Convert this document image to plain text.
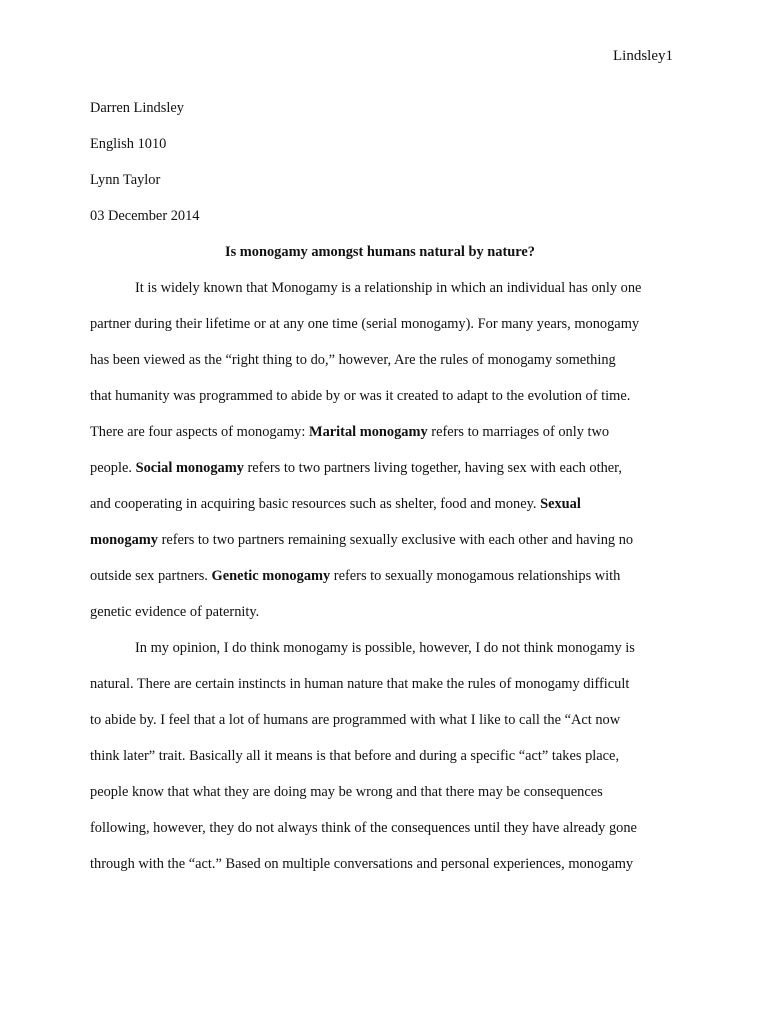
Lindsley1

Darren Lindsley

English 1010

Lynn Taylor

03 December 2014

Is monogamy amongst humans natural by nature?

It is widely known that Monogamy is a relationship in which an individual has only one
partner during their lifetime or at any one time (serial monogamy). For many years, monogamy
has been viewed as the “right thing to do,” however, Are the rules of monogamy something
that humanity was programmed to abide by or was it created to adapt to the evolution of time.
There are four aspects of monogamy: Marital monogamy refers to marriages of only two
people. Social monogamy refers to two partners living together, having sex with each other,
and cooperating in acquiring basic resources such as shelter, food and money. Sexual
monogamy refers to two partners remaining sexually exclusive with each other and having no
outside sex partners. Genetic monogamy refers to sexually monogamous relationships with
genetic evidence of paternity.
In my opinion, I do think monogamy is possible, however, I do not think monogamy is
natural. There are certain instincts in human nature that make the rules of monogamy difficult
to abide by. I feel that a lot of humans are programmed with what I like to call the “Act now
think later” trait. Basically all it means is that before and during a specific “act” takes place,
people know that what they are doing may be wrong and that there may be consequences
following, however, they do not always think of the consequences until they have already gone
through with the “act.” Based on multiple conversations and personal experiences, monogamy
